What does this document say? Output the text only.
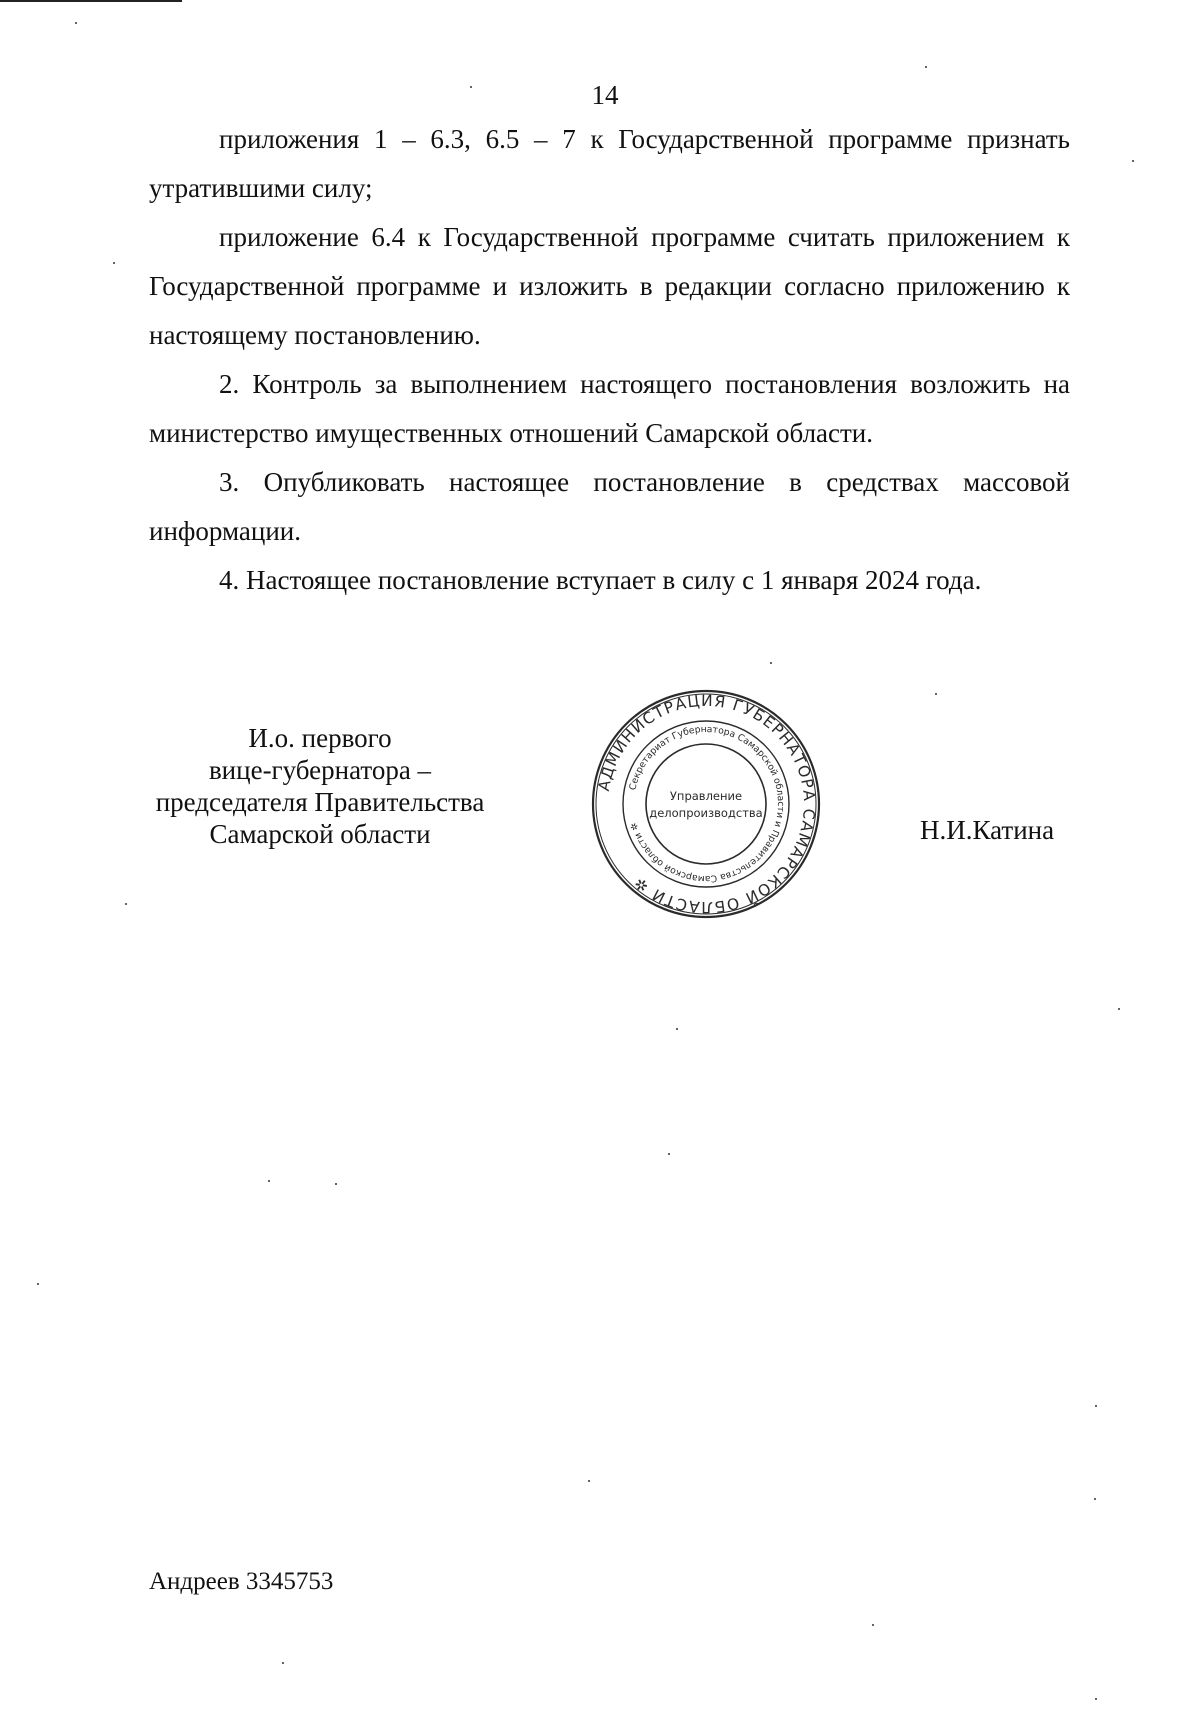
14

приложения 1 – 6.3, 6.5 – 7 к Государственной программе признать

утратившими силу;

приложение 6.4 к Государственной программе считать приложением к Государственной программе и изложить в редакции согласно приложению к настоящему постановлению.

2. Контроль за выполнением настоящего постановления возложить на министерство имущественных отношений Самарской области.

3. Опубликовать настоящее постановление в средствах массовой информации.

4. Настоящее постановление вступает в силу с 1 января 2024 года.

И.о. первого
вице-губернатора –
председателя Правительства
Самарской области
АДМИНИСТРАЦИЯ ГУБЕРНАТОРА САМАРСКОЙ ОБЛАСТИ ✲
Секретариат Губернатора Самарской области и Правительства Самарской области ✲
Управление
делопроизводства
Н.И.Катина
Андреев 3345753
